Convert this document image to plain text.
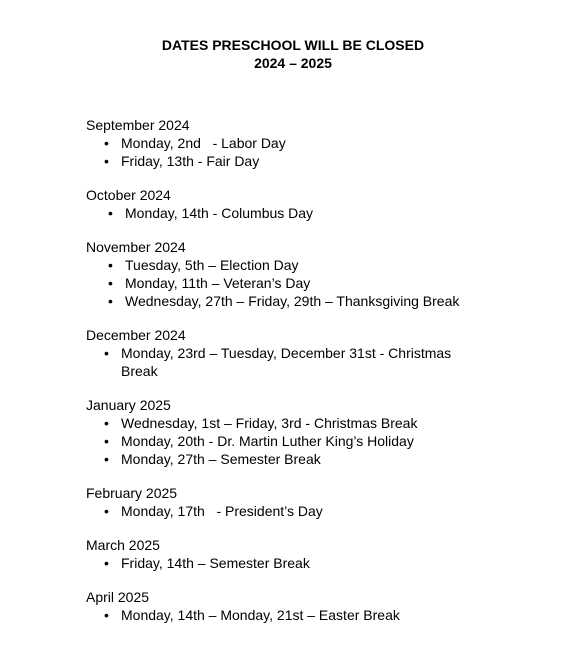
DATES PRESCHOOL WILL BE CLOSED
2024 – 2025
September 2024
• Monday, 2nd   - Labor Day
• Friday, 13th - Fair Day
October 2024
• Monday, 14th - Columbus Day
November 2024
• Tuesday, 5th – Election Day
• Monday, 11th – Veteran’s Day
• Wednesday, 27th – Friday, 29th – Thanksgiving Break
December 2024
• Monday, 23rd – Tuesday, December 31st - Christmas Break
January 2025
• Wednesday, 1st – Friday, 3rd - Christmas Break
• Monday, 20th - Dr. Martin Luther King’s Holiday
• Monday, 27th – Semester Break
February 2025
• Monday, 17th   - President’s Day
March 2025
• Friday, 14th – Semester Break
April 2025
• Monday, 14th – Monday, 21st – Easter Break
